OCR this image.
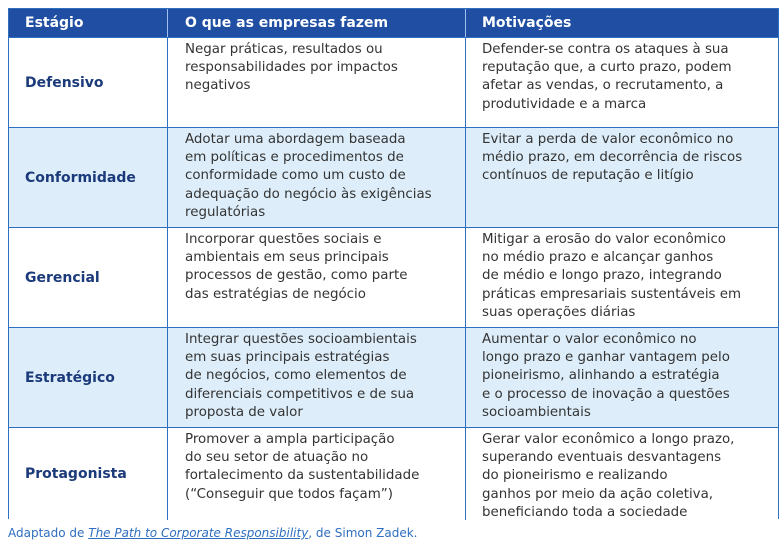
Estágio	O que as empresas fazem	Motivações
Defensivo
Negar práticas, resultados ou
responsabilidades por impactos
negativos
Defender-se contra os ataques à sua
reputação que, a curto prazo, podem
afetar as vendas, o recrutamento, a
produtividade e a marca
Conformidade
Adotar uma abordagem baseada
em políticas e procedimentos de
conformidade como um custo de
adequação do negócio às exigências
regulatórias
Evitar a perda de valor econômico no
médio prazo, em decorrência de riscos
contínuos de reputação e litígio
Gerencial
Incorporar questões sociais e
ambientais em seus principais
processos de gestão, como parte
das estratégias de negócio
Mitigar a erosão do valor econômico
no médio prazo e alcançar ganhos
de médio e longo prazo, integrando
práticas empresariais sustentáveis em
suas operações diárias
Estratégico
Integrar questões socioambientais
em suas principais estratégias
de negócios, como elementos de
diferenciais competitivos e de sua
proposta de valor
Aumentar o valor econômico no
longo prazo e ganhar vantagem pelo
pioneirismo, alinhando a estratégia
e o processo de inovação a questões
socioambientais
Protagonista
Promover a ampla participação
do seu setor de atuação no
fortalecimento da sustentabilidade
(“Conseguir que todos façam”)
Gerar valor econômico a longo prazo,
superando eventuais desvantagens
do pioneirismo e realizando
ganhos por meio da ação coletiva,
beneficiando toda a sociedade
Adaptado de The Path to Corporate Responsibility, de Simon Zadek.
